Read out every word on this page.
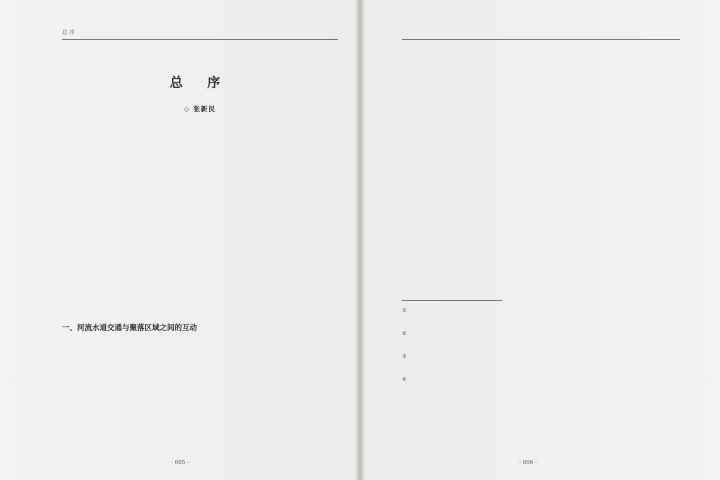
总 序
总 序
◇ 张新民
一、河流水道交通与聚落区域之间的互动
- 005 -
①
②
③
④
- 006 -
